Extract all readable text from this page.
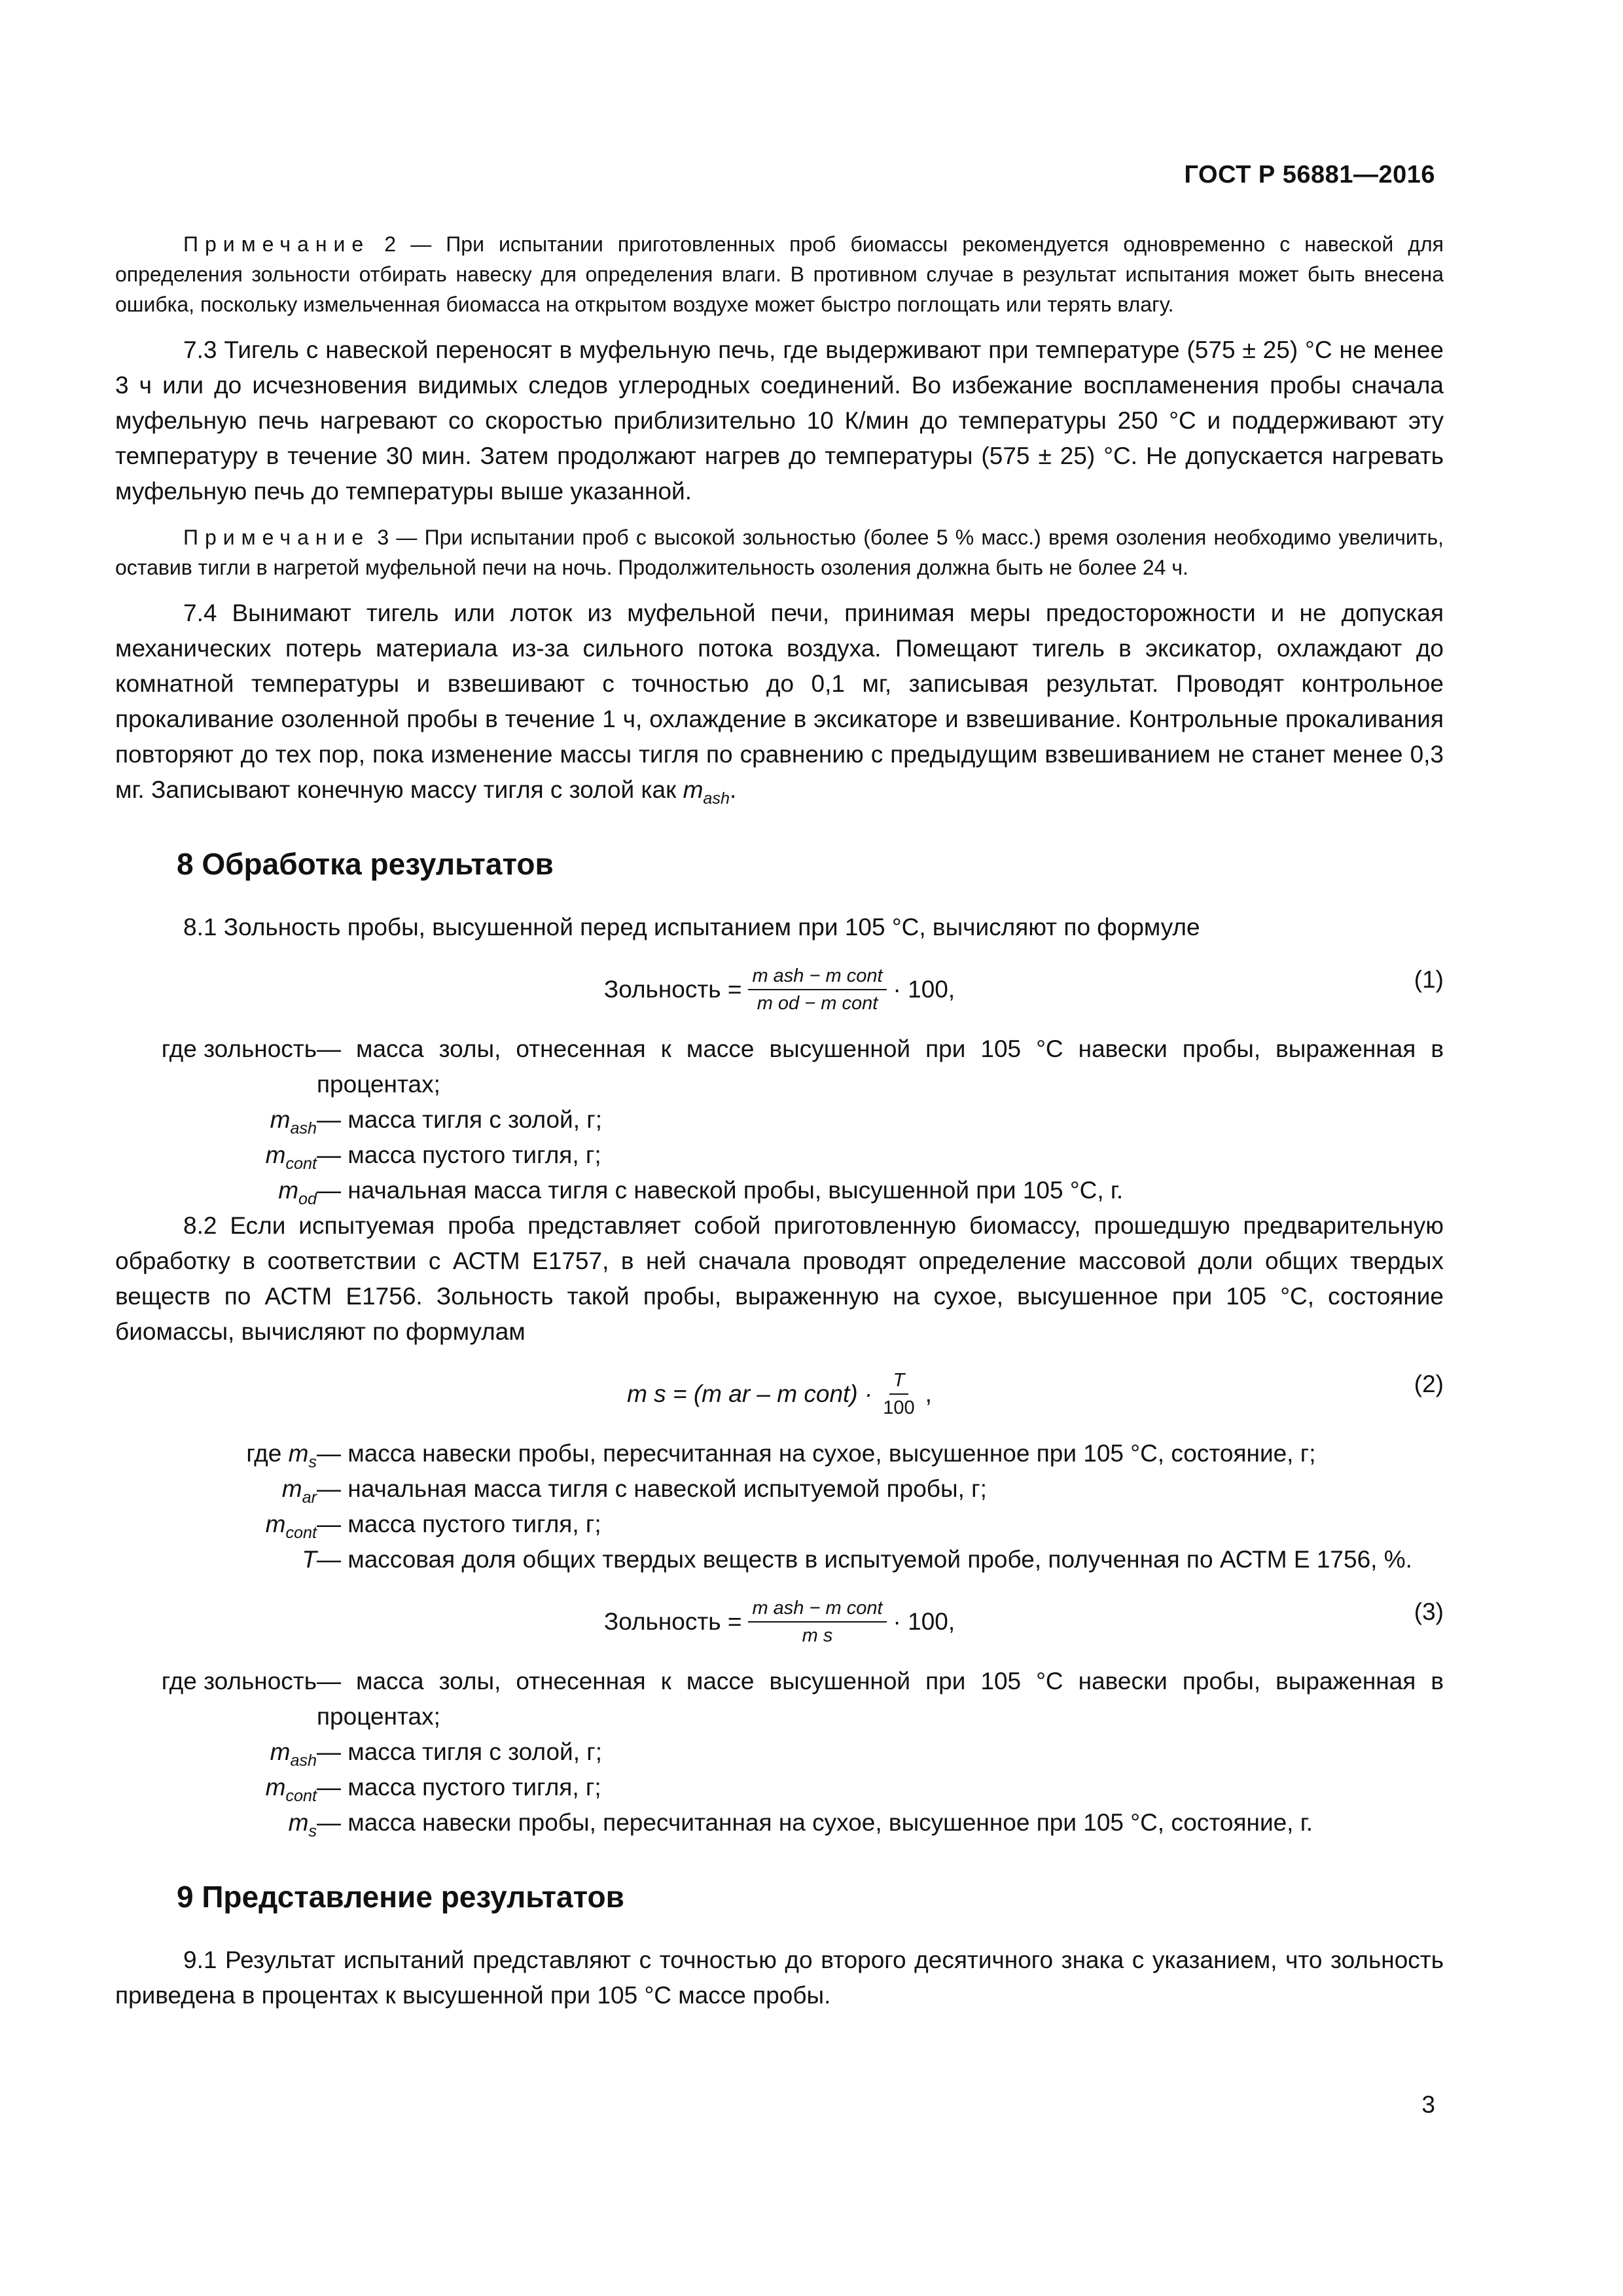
ГОСТ Р 56881—2016

Примечание 2 — При испытании приготовленных проб биомассы рекомендуется одновременно с навеской для определения зольности отбирать навеску для определения влаги. В противном случае в результат испытания может быть внесена ошибка, поскольку измельченная биомасса на открытом воздухе может быстро поглощать или терять влагу.

7.3 Тигель с навеской переносят в муфельную печь, где выдерживают при температуре (575 ± 25) °С не менее 3 ч или до исчезновения видимых следов углеродных соединений. Во избежание воспламенения пробы сначала муфельную печь нагревают со скоростью приблизительно 10 К/мин до температуры 250 °С и поддерживают эту температуру в течение 30 мин. Затем продолжают нагрев до температуры (575 ± 25) °С. Не допускается нагревать муфельную печь до температуры выше указанной.

Примечание 3 — При испытании проб с высокой зольностью (более 5 % масс.) время озоления необходимо увеличить, оставив тигли в нагретой муфельной печи на ночь. Продолжительность озоления должна быть не более 24 ч.

7.4 Вынимают тигель или лоток из муфельной печи, принимая меры предосторожности и не допуская механических потерь материала из-за сильного потока воздуха. Помещают тигель в эксикатор, охлаждают до комнатной температуры и взвешивают с точностью до 0,1 мг, записывая результат. Проводят контрольное прокаливание озоленной пробы в течение 1 ч, охлаждение в эксикаторе и взвешивание. Контрольные прокаливания повторяют до тех пор, пока изменение массы тигля по сравнению с предыдущим взвешиванием не станет менее 0,3 мг. Записывают конечную массу тигля с золой как $m_{ash}$.

8 Обработка результатов

8.1 Зольность пробы, высушенной перед испытанием при 105 °С, вычисляют по формуле

Зольность = $\frac{\text{m ash − m cont}}{\text{m od − m cont}} \cdot 100$,	(1)
где зольность — масса золы, отнесенная к массе высушенной при 105 °С навески пробы, выраженная в процентах;
$m_{ash}$ — масса тигля с золой, г;
$m_{cont}$ — масса пустого тигля, г;
$m_{od}$ — начальная масса тигля с навеской пробы, высушенной при 105 °С, г.

8.2 Если испытуемая проба представляет собой приготовленную биомассу, прошедшую предварительную обработку в соответствии с АСТМ Е1757, в ней сначала проводят определение массовой доли общих твердых веществ по АСТМ Е1756. Зольность такой пробы, выраженную на сухое, высушенное при 105 °С, состояние биомассы, вычисляют по формулам

m s = (m ar – m cont) · $\frac{T}{100}$ ,	(2)
где $m_s$ — масса навески пробы, пересчитанная на сухое, высушенное при 105 °С, состояние, г;
$m_{ar}$ — начальная масса тигля с навеской испытуемой пробы, г;
$m_{cont}$ — масса пустого тигля, г;
T — массовая доля общих твердых веществ в испытуемой пробе, полученная по АСТМ Е 1756, %.
Зольность = $\frac{\text{m ash − m cont}}{\text{m s}} \cdot 100$,	(3)
где зольность — масса золы, отнесенная к массе высушенной при 105 °С навески пробы, выраженная в процентах;
$m_{ash}$ — масса тигля с золой, г;
$m_{cont}$ — масса пустого тигля, г;
$m_s$ — масса навески пробы, пересчитанная на сухое, высушенное при 105 °С, состояние, г.
9 Представление результатов

9.1 Результат испытаний представляют с точностью до второго десятичного знака с указанием, что зольность приведена в процентах к высушенной при 105 °С массе пробы.

3
